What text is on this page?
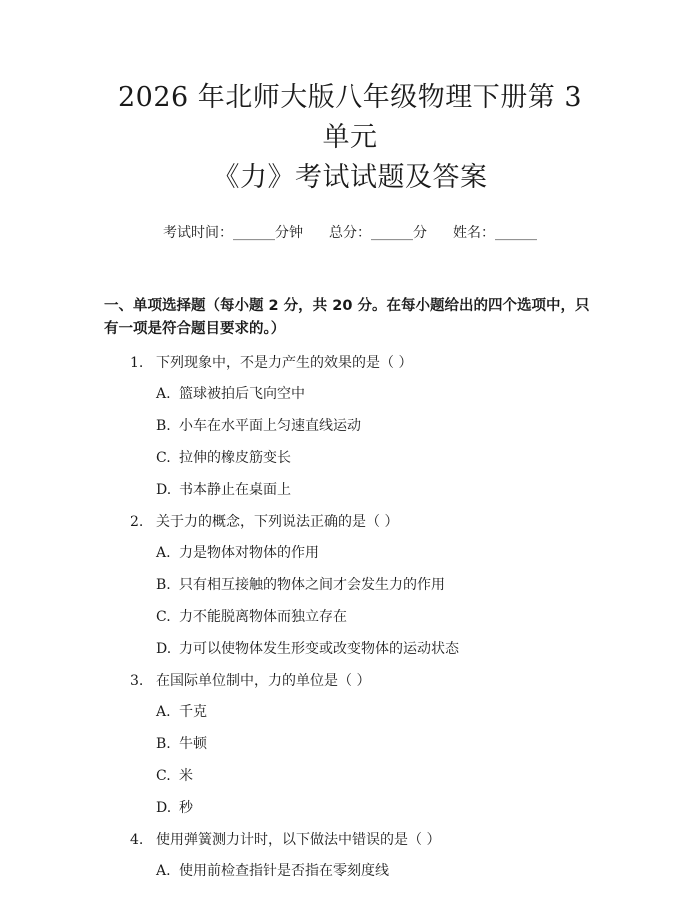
2026 年北师大版八年级物理下册第 3 单元
《力》考试试题及答案
考试时间：______分钟 总分：______分 姓名：______
一、单项选择题（每小题 2 分，共 20 分。在每小题给出的四个选项中，只有一项是符合题目要求的。）
1. 下列现象中，不是力产生的效果的是（ ）
A. 篮球被拍后飞向空中
B. 小车在水平面上匀速直线运动
C. 拉伸的橡皮筋变长
D. 书本静止在桌面上
2. 关于力的概念，下列说法正确的是（ ）
A. 力是物体对物体的作用
B. 只有相互接触的物体之间才会发生力的作用
C. 力不能脱离物体而独立存在
D. 力可以使物体发生形变或改变物体的运动状态
3. 在国际单位制中，力的单位是（ ）
A. 千克
B. 牛顿
C. 米
D. 秒
4. 使用弹簧测力计时，以下做法中错误的是（ ）
A. 使用前检查指针是否指在零刻度线
